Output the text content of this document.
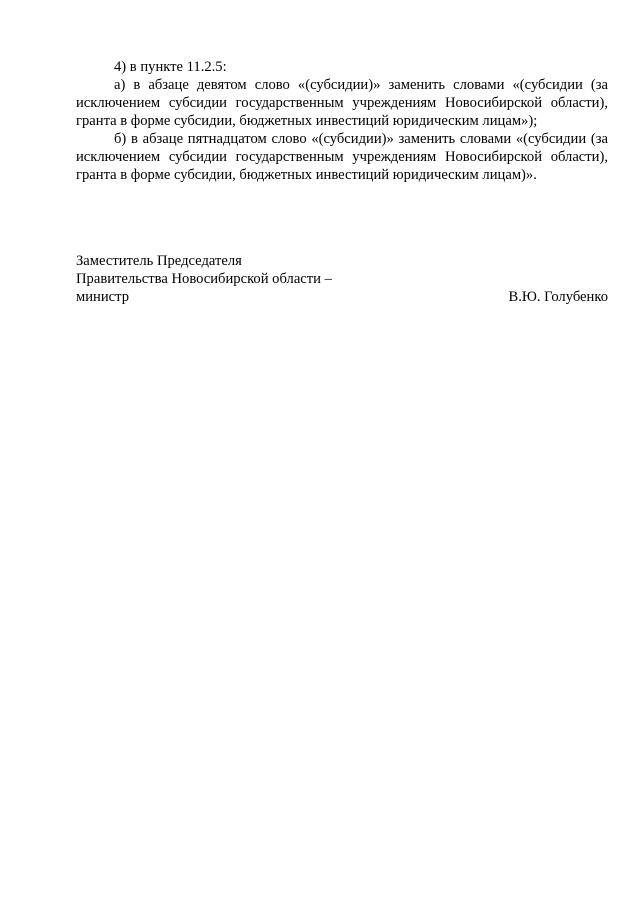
4) в пункте 11.2.5:

а) в абзаце девятом слово «(субсидии)» заменить словами «(субсидии (за исключением субсидии государственным учреждениям Новосибирской области), гранта в форме субсидии, бюджетных инвестиций юридическим лицам»);

б) в абзаце пятнадцатом слово «(субсидии)» заменить словами «(субсидии (за исключением субсидии государственным учреждениям Новосибирской области), гранта в форме субсидии, бюджетных инвестиций юридическим лицам)».

Заместитель Председателя

Правительства Новосибирской области –

министр	В.Ю. Голубенко
